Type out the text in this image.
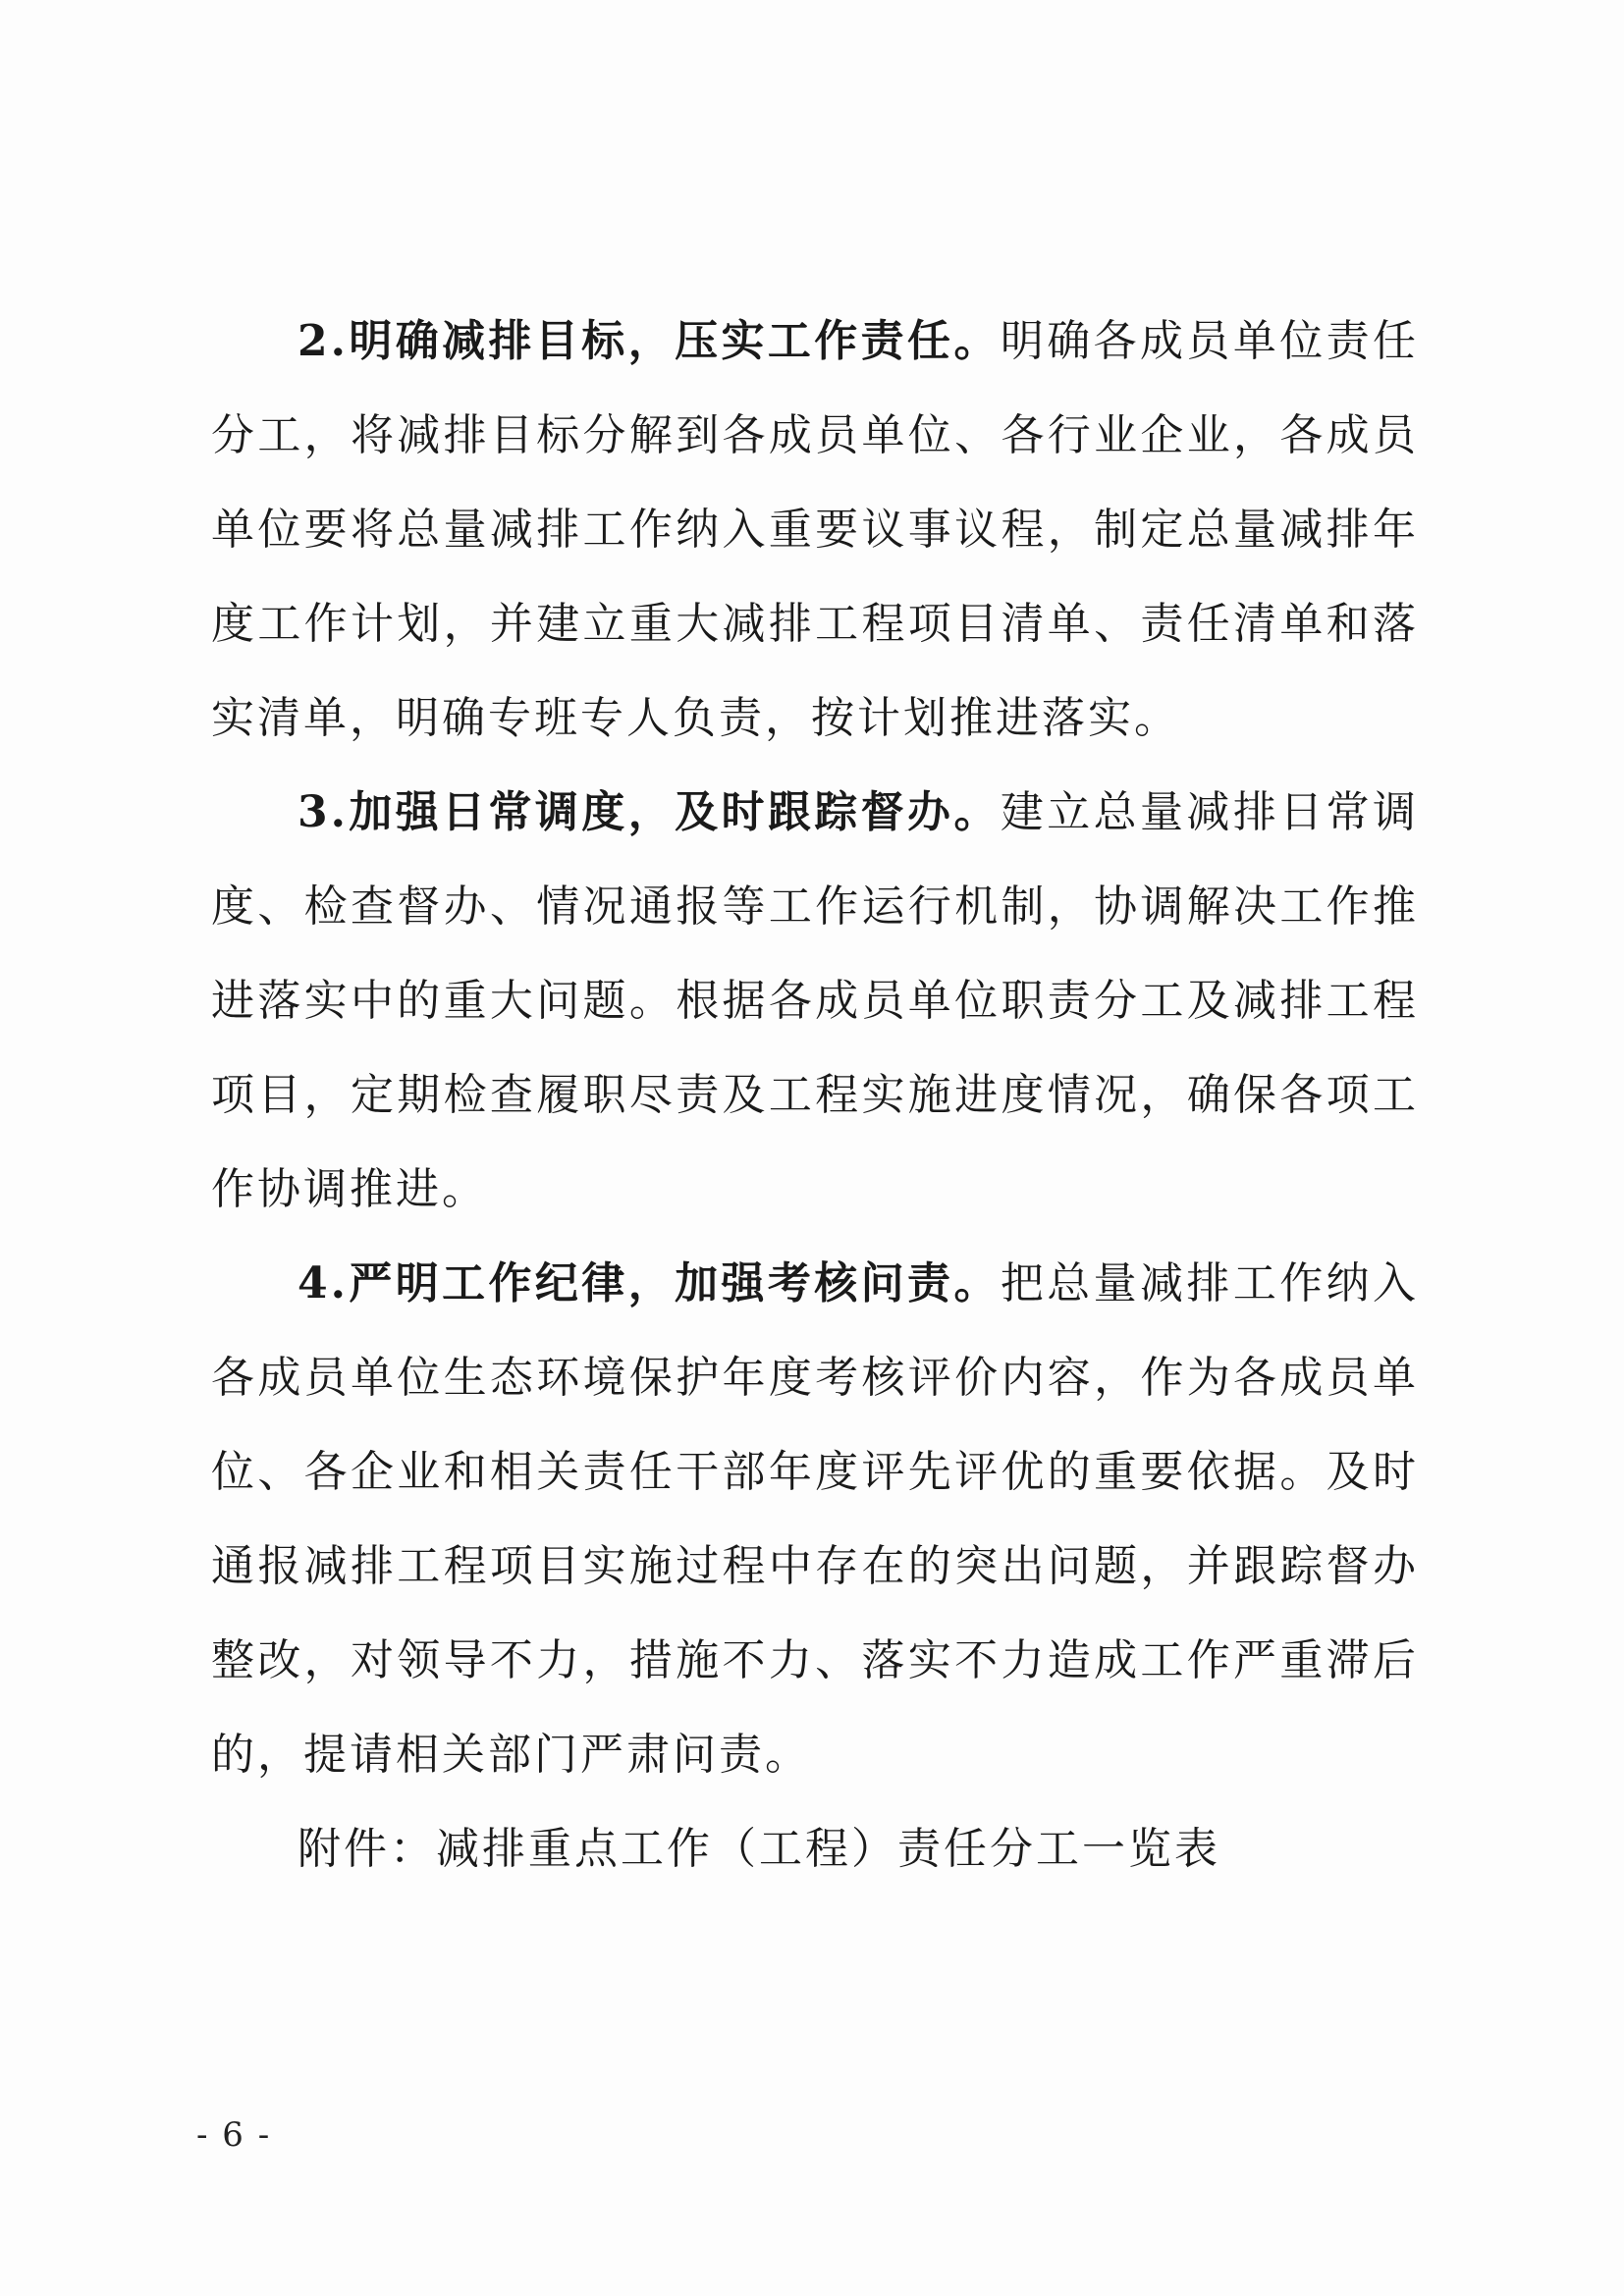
2.明确减排目标，压实工作责任。明确各成员单位责任分工，将减排目标分解到各成员单位、各行业企业，各成员单位要将总量减排工作纳入重要议事议程，制定总量减排年度工作计划，并建立重大减排工程项目清单、责任清单和落实清单，明确专班专人负责，按计划推进落实。

3.加强日常调度，及时跟踪督办。建立总量减排日常调度、检查督办、情况通报等工作运行机制，协调解决工作推进落实中的重大问题。根据各成员单位职责分工及减排工程项目，定期检查履职尽责及工程实施进度情况，确保各项工作协调推进。

4.严明工作纪律，加强考核问责。把总量减排工作纳入各成员单位生态环境保护年度考核评价内容，作为各成员单位、各企业和相关责任干部年度评先评优的重要依据。及时通报减排工程项目实施过程中存在的突出问题，并跟踪督办整改，对领导不力，措施不力、落实不力造成工作严重滞后的，提请相关部门严肃问责。

附件：减排重点工作（工程）责任分工一览表

- 6 -
